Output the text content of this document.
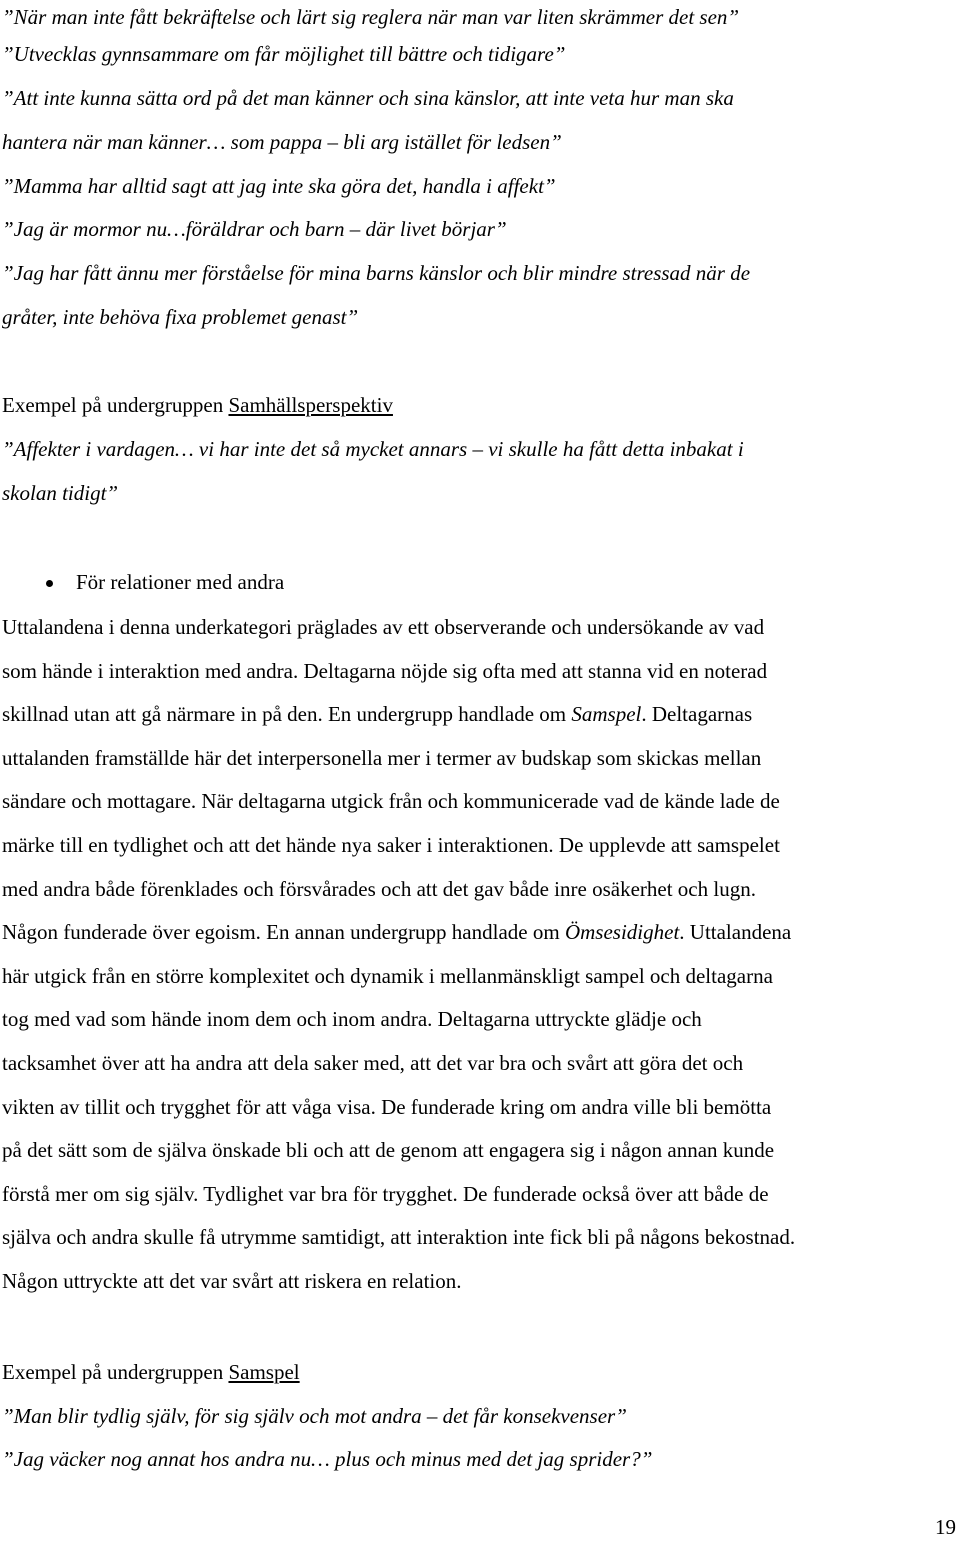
”När man inte fått bekräftelse och lärt sig reglera när man var liten skrämmer det sen”
”Utvecklas gynnsammare om får möjlighet till bättre och tidigare”
”Att inte kunna sätta ord på det man känner och sina känslor, att inte veta hur man ska
hantera när man känner… som pappa – bli arg istället för ledsen”
”Mamma har alltid sagt att jag inte ska göra det, handla i affekt”
”Jag är mormor nu…föräldrar och barn – där livet börjar”
”Jag har fått ännu mer förståelse för mina barns känslor och blir mindre stressad när de
gråter, inte behöva fixa problemet genast”
Exempel på undergruppen Samhällsperspektiv
”Affekter i vardagen… vi har inte det så mycket annars – vi skulle ha fått detta inbakat i
skolan tidigt”
För relationer med andra
Uttalandena i denna underkategori präglades av ett observerande och undersökande av vad
som hände i interaktion med andra. Deltagarna nöjde sig ofta med att stanna vid en noterad
skillnad utan att gå närmare in på den. En undergrupp handlade om Samspel. Deltagarnas
uttalanden framställde här det interpersonella mer i termer av budskap som skickas mellan
sändare och mottagare. När deltagarna utgick från och kommunicerade vad de kände lade de
märke till en tydlighet och att det hände nya saker i interaktionen. De upplevde att samspelet
med andra både förenklades och försvårades och att det gav både inre osäkerhet och lugn.
Någon funderade över egoism. En annan undergrupp handlade om Ömsesidighet. Uttalandena
här utgick från en större komplexitet och dynamik i mellanmänskligt sampel och deltagarna
tog med vad som hände inom dem och inom andra. Deltagarna uttryckte glädje och
tacksamhet över att ha andra att dela saker med, att det var bra och svårt att göra det och
vikten av tillit och trygghet för att våga visa. De funderade kring om andra ville bli bemötta
på det sätt som de själva önskade bli och att de genom att engagera sig i någon annan kunde
förstå mer om sig själv. Tydlighet var bra för trygghet. De funderade också över att både de
själva och andra skulle få utrymme samtidigt, att interaktion inte fick bli på någons bekostnad.
Någon uttryckte att det var svårt att riskera en relation.
Exempel på undergruppen Samspel
”Man blir tydlig själv, för sig själv och mot andra – det får konsekvenser”
”Jag väcker nog annat hos andra nu… plus och minus med det jag sprider?”
19
